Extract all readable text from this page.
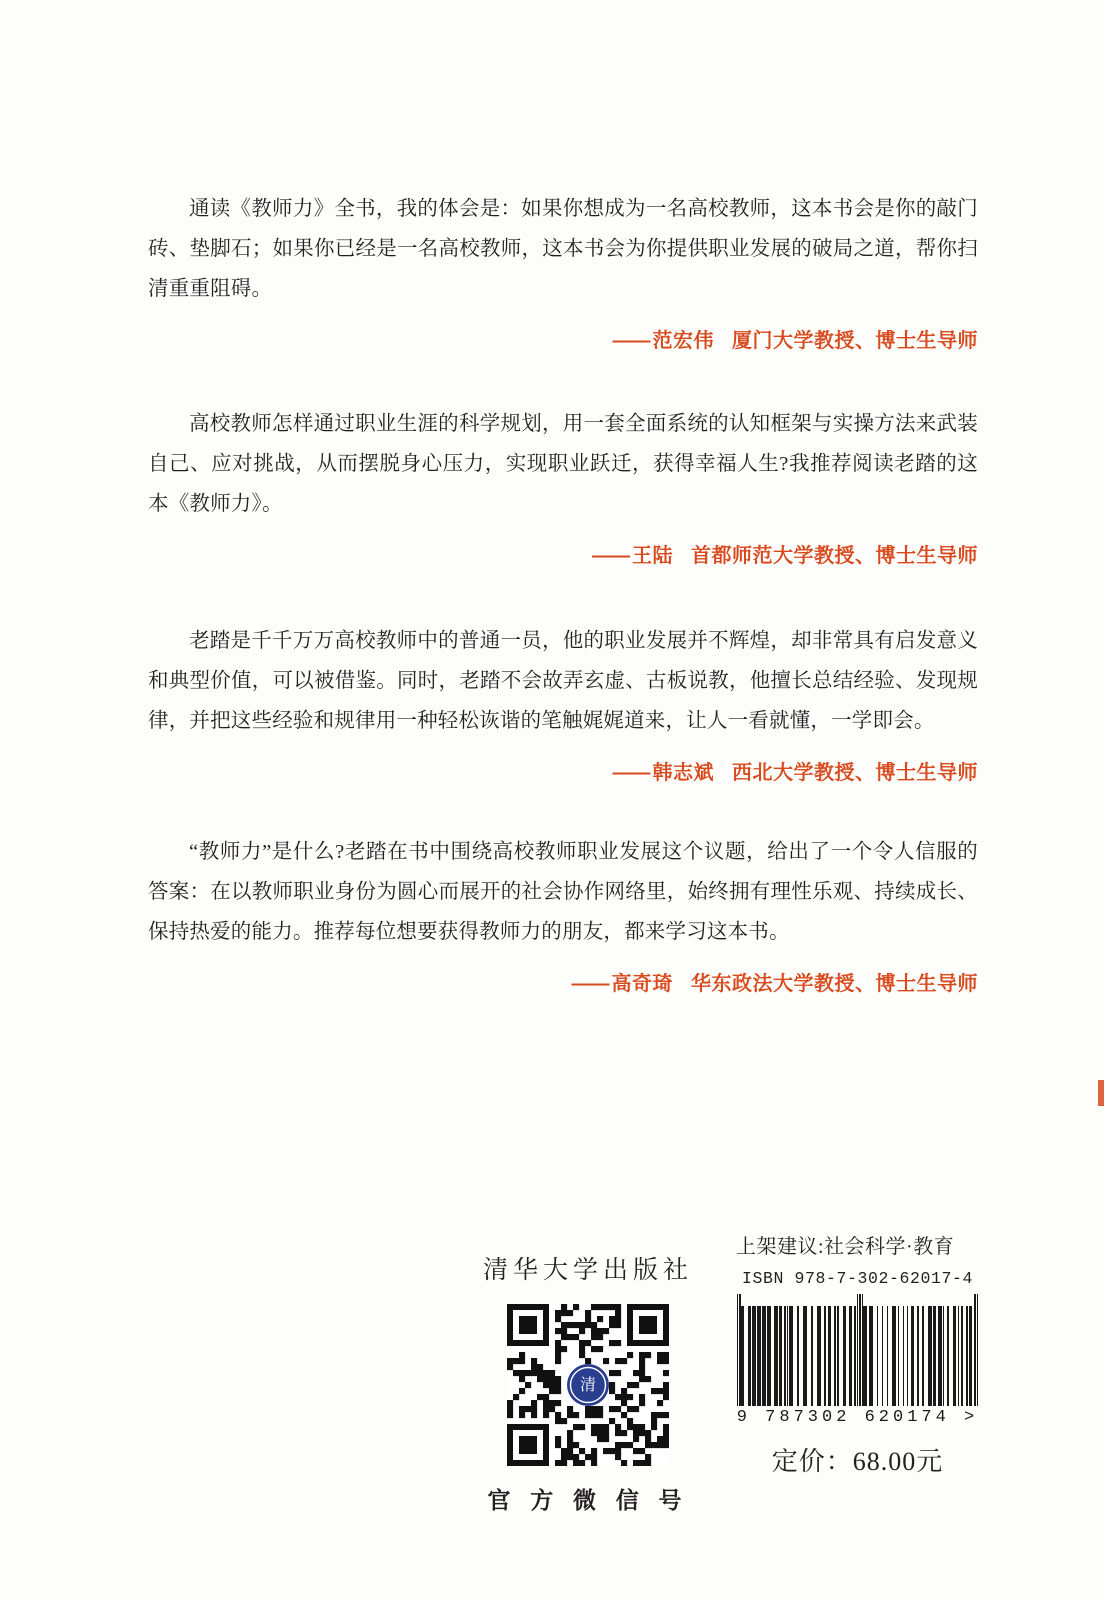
通读《教师力》全书，我的体会是：如果你想成为一名高校教师，这本书会是你的敲门砖、垫脚石；如果你已经是一名高校教师，这本书会为你提供职业发展的破局之道，帮你扫清重重阻碍。
—— 范宏伟 厦门大学教授、博士生导师
高校教师怎样通过职业生涯的科学规划，用一套全面系统的认知框架与实操方法来武装自己、应对挑战，从而摆脱身心压力，实现职业跃迁，获得幸福人生?我推荐阅读老踏的这本《教师力》。
—— 王陆 首都师范大学教授、博士生导师
老踏是千千万万高校教师中的普通一员，他的职业发展并不辉煌，却非常具有启发意义和典型价值，可以被借鉴。同时，老踏不会故弄玄虚、古板说教，他擅长总结经验、发现规律，并把这些经验和规律用一种轻松诙谐的笔触娓娓道来，让人一看就懂，一学即会。
—— 韩志斌 西北大学教授、博士生导师
“教师力”是什么?老踏在书中围绕高校教师职业发展这个议题，给出了一个令人信服的答案：在以教师职业身份为圆心而展开的社会协作网络里，始终拥有理性乐观、持续成长、保持热爱的能力。推荐每位想要获得教师力的朋友，都来学习这本书。
—— 高奇琦 华东政法大学教授、博士生导师
清华大学出版社
清
官 方 微 信 号
上架建议:社会科学·教育
ISBN 978-7-302-62017-4
9 787302 620174 >
定价：68.00元
